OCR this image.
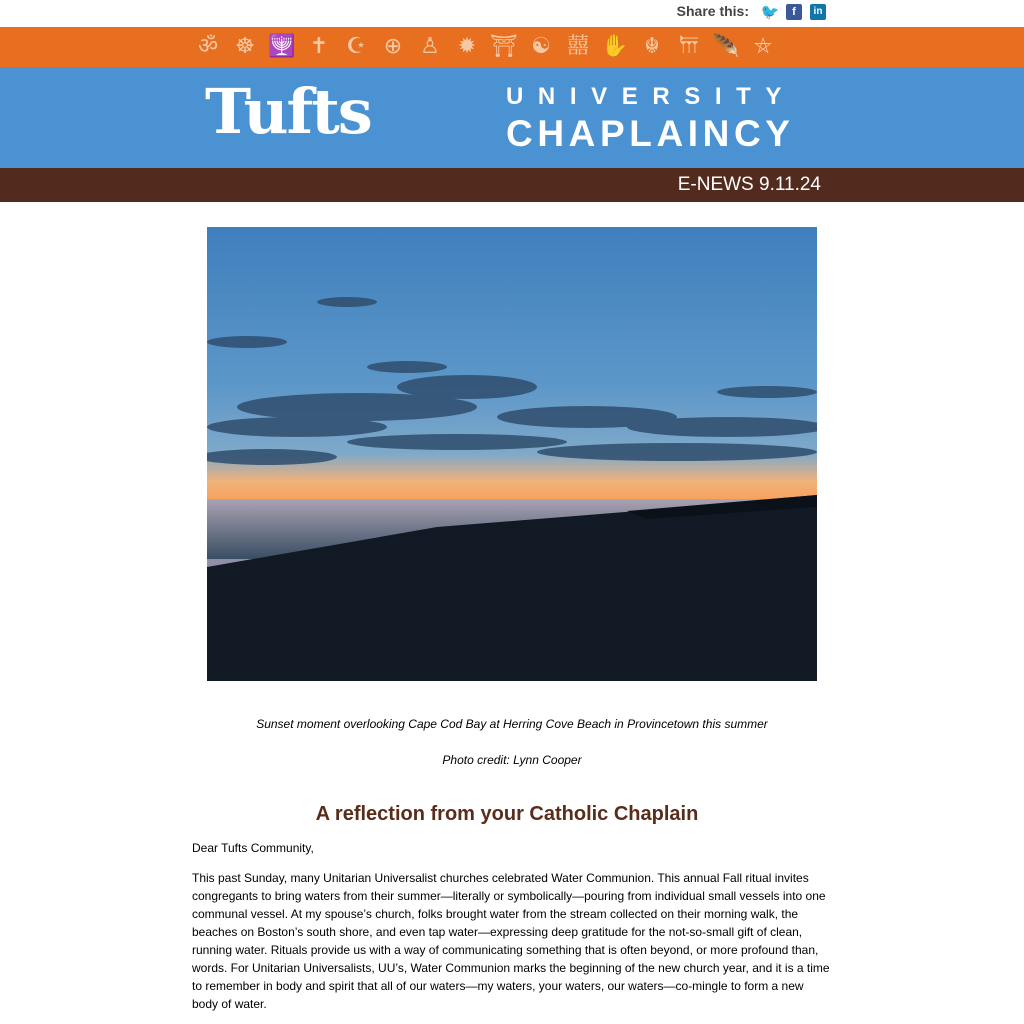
Share this: 🐦	f	in
ॐ ☸ 🕎 ✝ ☪ ⊕ ♙ ✹ ⛩ ☯ 囍 ✋ ☬ 𐎠 🪶 ⛤
Tufts	UNIVERSITY
CHAPLAINCY
E-NEWS 9.11.24
Sunset moment overlooking Cape Cod Bay at Herring Cove Beach in Provincetown this summer
Photo credit: Lynn Cooper
A reflection from your Catholic Chaplain
Dear Tufts Community,

This past Sunday, many Unitarian Universalist churches celebrated Water Communion. This annual Fall ritual invites congregants to bring waters from their summer—literally or symbolically—pouring from individual small vessels into one communal vessel. At my spouse’s church, folks brought water from the stream collected on their morning walk, the beaches on Boston’s south shore, and even tap water—expressing deep gratitude for the not-so-small gift of clean, running water. Rituals provide us with a way of communicating something that is often beyond, or more profound than, words. For Unitarian Universalists, UU’s, Water Communion marks the beginning of the new church year, and it is a time to remember in body and spirit that all of our waters—my waters, your waters, our waters—co-mingle to form a new body of water.
